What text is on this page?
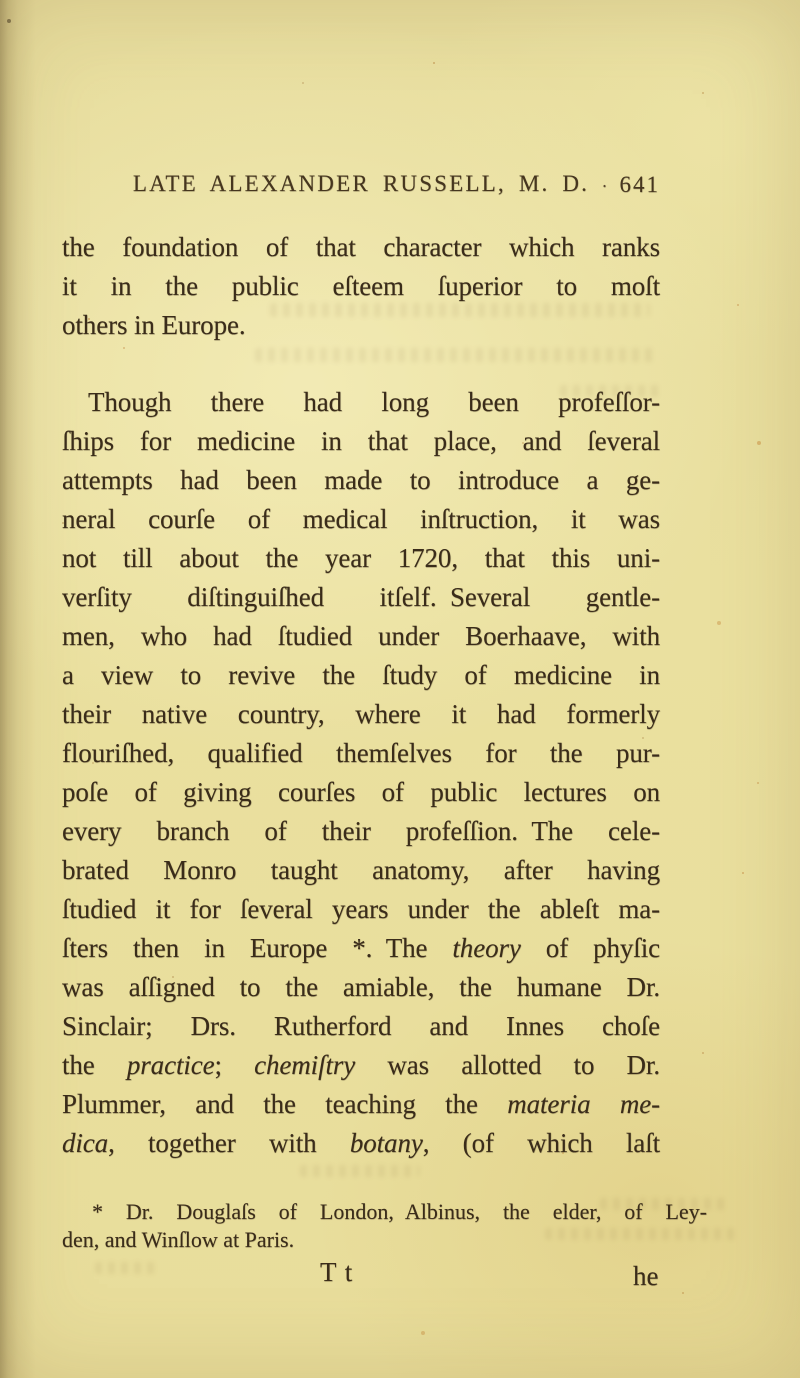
LATE ALEXANDER RUSSELL, M. D. · 641
the foundation of that character which ranks
it in the public eſteem ſuperior to moſt
others in Europe.
Though there had long been profeſſor-
ſhips for medicine in that place, and ſeveral
attempts had been made to introduce a ge-
neral courſe of medical inſtruction, it was
not till about the year 1720, that this uni-
verſity diſtinguiſhed itſelf. Several gentle-
men, who had ſtudied under Boerhaave, with
a view to revive the ſtudy of medicine in
their native country, where it had formerly
flouriſhed, qualified themſelves for the pur-
poſe of giving courſes of public lectures on
every branch of their profeſſion. The cele-
brated Monro taught anatomy, after having
ſtudied it for ſeveral years under the ableſt ma-
ſters then in Europe *. The theory of phyſic
was aſſigned to the amiable, the humane Dr.
Sinclair; Drs. Rutherford and Innes choſe
the practice; chemiſtry was allotted to Dr.
Plummer, and the teaching the materia me-
dica, together with botany, (of which laſt
* Dr. Douglaſs of London, Albinus, the elder, of Ley-
den, and Winſlow at Paris.
T t	he
